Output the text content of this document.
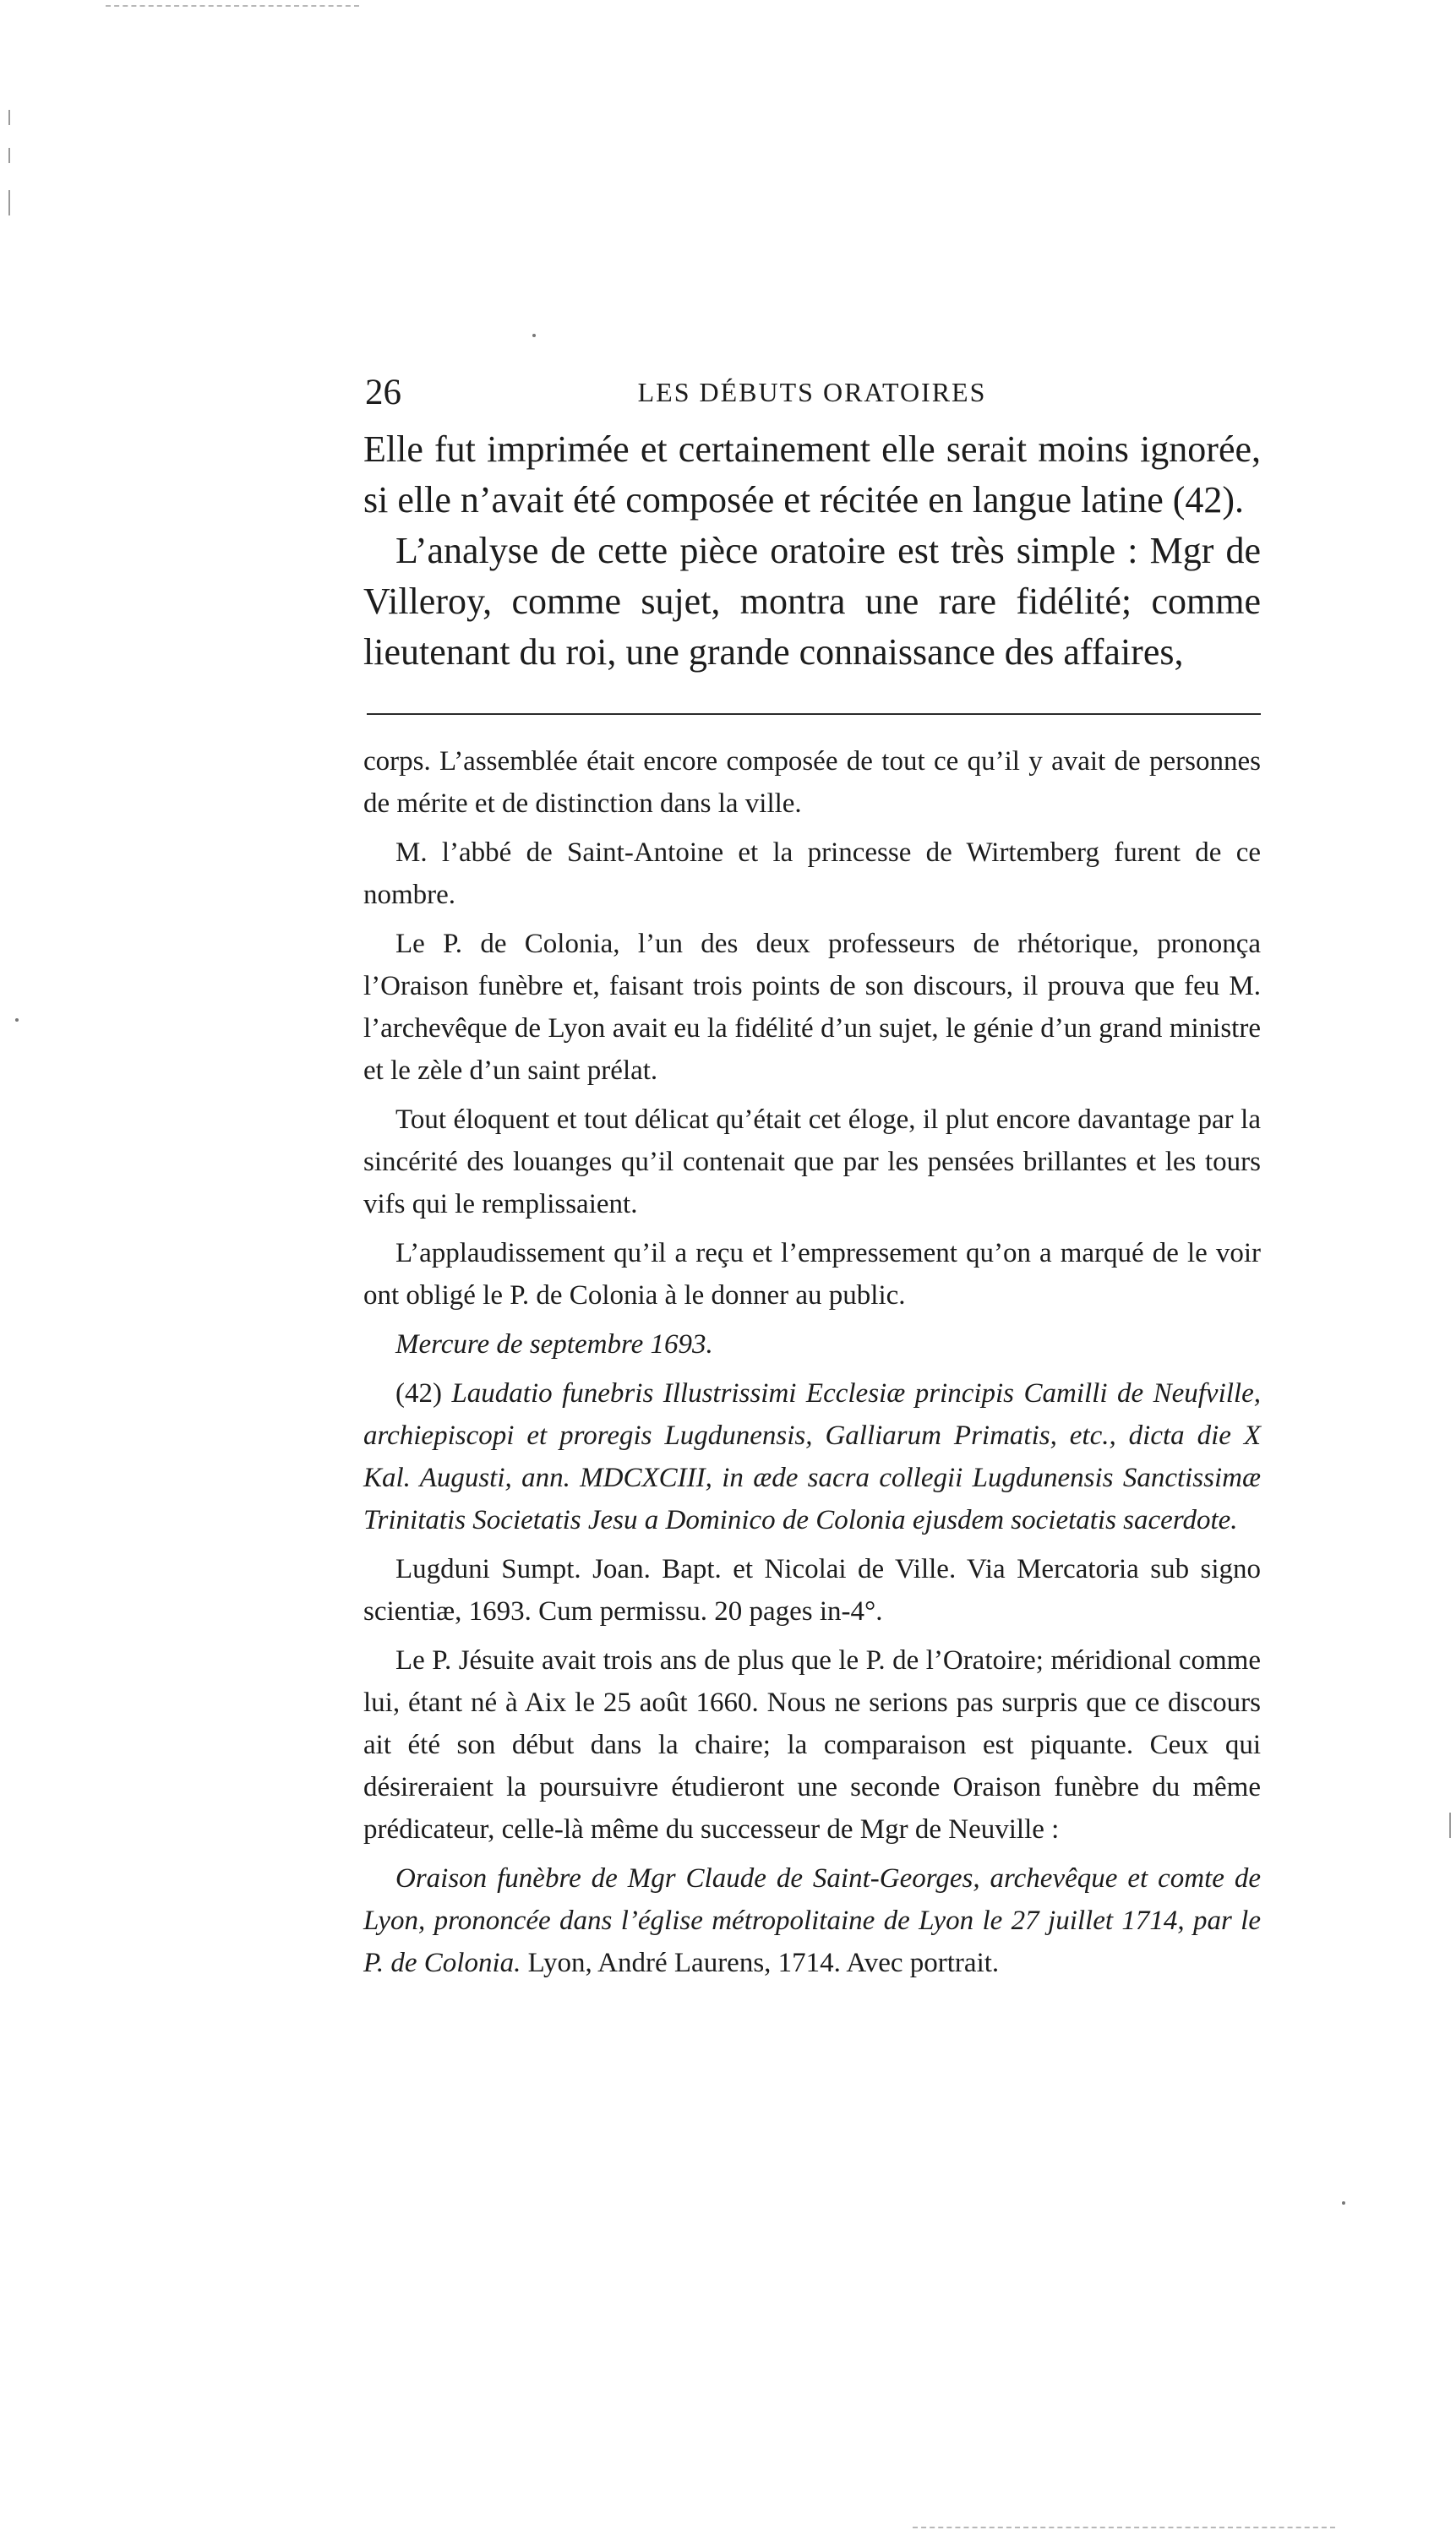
26	LES DÉBUTS ORATOIRES

Elle fut imprimée et certainement elle serait moins ignorée, si elle n’avait été composée et récitée en langue latine (42).

L’analyse de cette pièce oratoire est très simple : Mgr de Villeroy, comme sujet, montra une rare fidélité; comme lieutenant du roi, une grande connaissance des affaires,

corps. L’assemblée était encore composée de tout ce qu’il y avait de personnes de mérite et de distinction dans la ville.

M. l’abbé de Saint-Antoine et la princesse de Wirtemberg furent de ce nombre.

Le P. de Colonia, l’un des deux professeurs de rhétorique, prononça l’Oraison funèbre et, faisant trois points de son discours, il prouva que feu M. l’archevêque de Lyon avait eu la fidélité d’un sujet, le génie d’un grand ministre et le zèle d’un saint prélat.

Tout éloquent et tout délicat qu’était cet éloge, il plut encore davantage par la sincérité des louanges qu’il contenait que par les pensées brillantes et les tours vifs qui le remplissaient.

L’applaudissement qu’il a reçu et l’empressement qu’on a marqué de le voir ont obligé le P. de Colonia à le donner au public.

Mercure de septembre 1693.

(42) Laudatio funebris Illustrissimi Ecclesiæ principis Camilli de Neufville, archiepiscopi et proregis Lugdunensis, Galliarum Primatis, etc., dicta die X Kal. Augusti, ann. MDCXCIII, in æde sacra collegii Lugdunensis Sanctissimæ Trinitatis Societatis Jesu a Dominico de Colonia ejusdem societatis sacerdote.

Lugduni Sumpt. Joan. Bapt. et Nicolai de Ville. Via Mercatoria sub signo scientiæ, 1693. Cum permissu. 20 pages in-4°.

Le P. Jésuite avait trois ans de plus que le P. de l’Oratoire; méridional comme lui, étant né à Aix le 25 août 1660. Nous ne serions pas surpris que ce discours ait été son début dans la chaire; la comparaison est piquante. Ceux qui désireraient la poursuivre étudieront une seconde Oraison funèbre du même prédicateur, celle-là même du successeur de Mgr de Neuville :

Oraison funèbre de Mgr Claude de Saint-Georges, archevêque et comte de Lyon, prononcée dans l’église métropolitaine de Lyon le 27 juillet 1714, par le P. de Colonia. Lyon, André Laurens, 1714. Avec portrait.
